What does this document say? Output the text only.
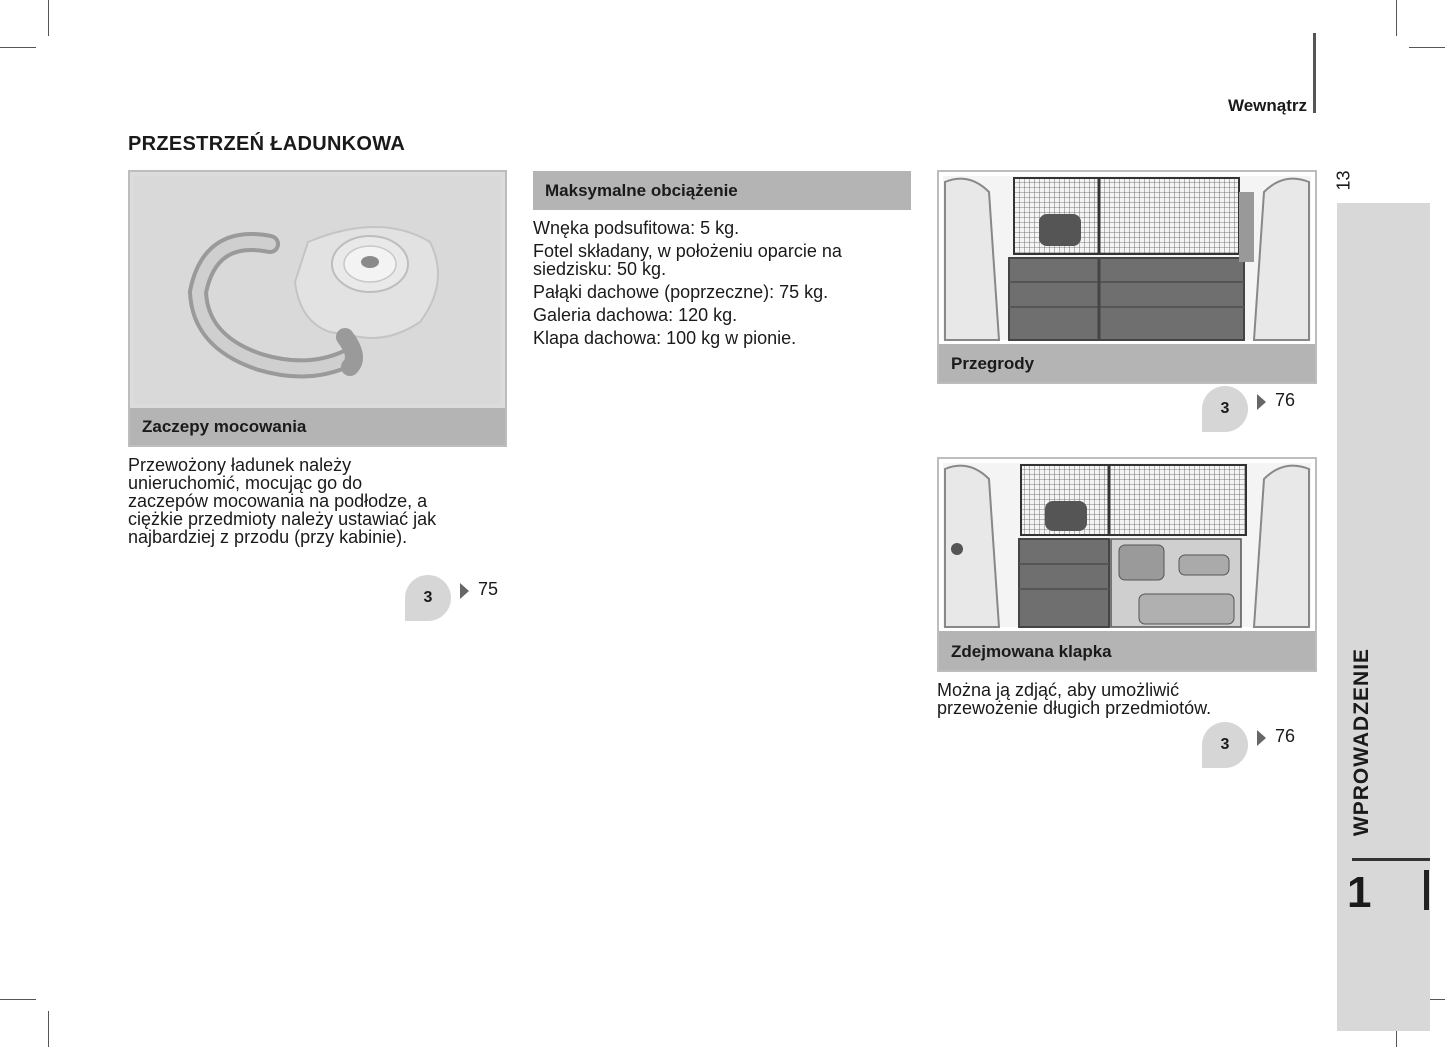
Wewnątrz
PRZESTRZEŃ ŁADUNKOWA
Zaczepy mocowania
Przewożony ładunek należy
unieruchomić, mocując go do
zaczepów mocowania na podłodze, a
ciężkie przedmioty należy ustawiać jak
najbardziej z przodu (przy kabinie).
3	75
Maksymalne obciążenie
Wnęka podsufitowa: 5 kg.
Fotel składany, w położeniu oparcie na
siedzisku: 50 kg.
Pałąki dachowe (poprzeczne): 75 kg.
Galeria dachowa: 120 kg.
Klapa dachowa: 100 kg w pionie.
Przegrody
3	76
Zdejmowana klapka
Można ją zdjąć, aby umożliwić
przewożenie długich przedmiotów.
3	76
13
WPROWADZENIE
1
